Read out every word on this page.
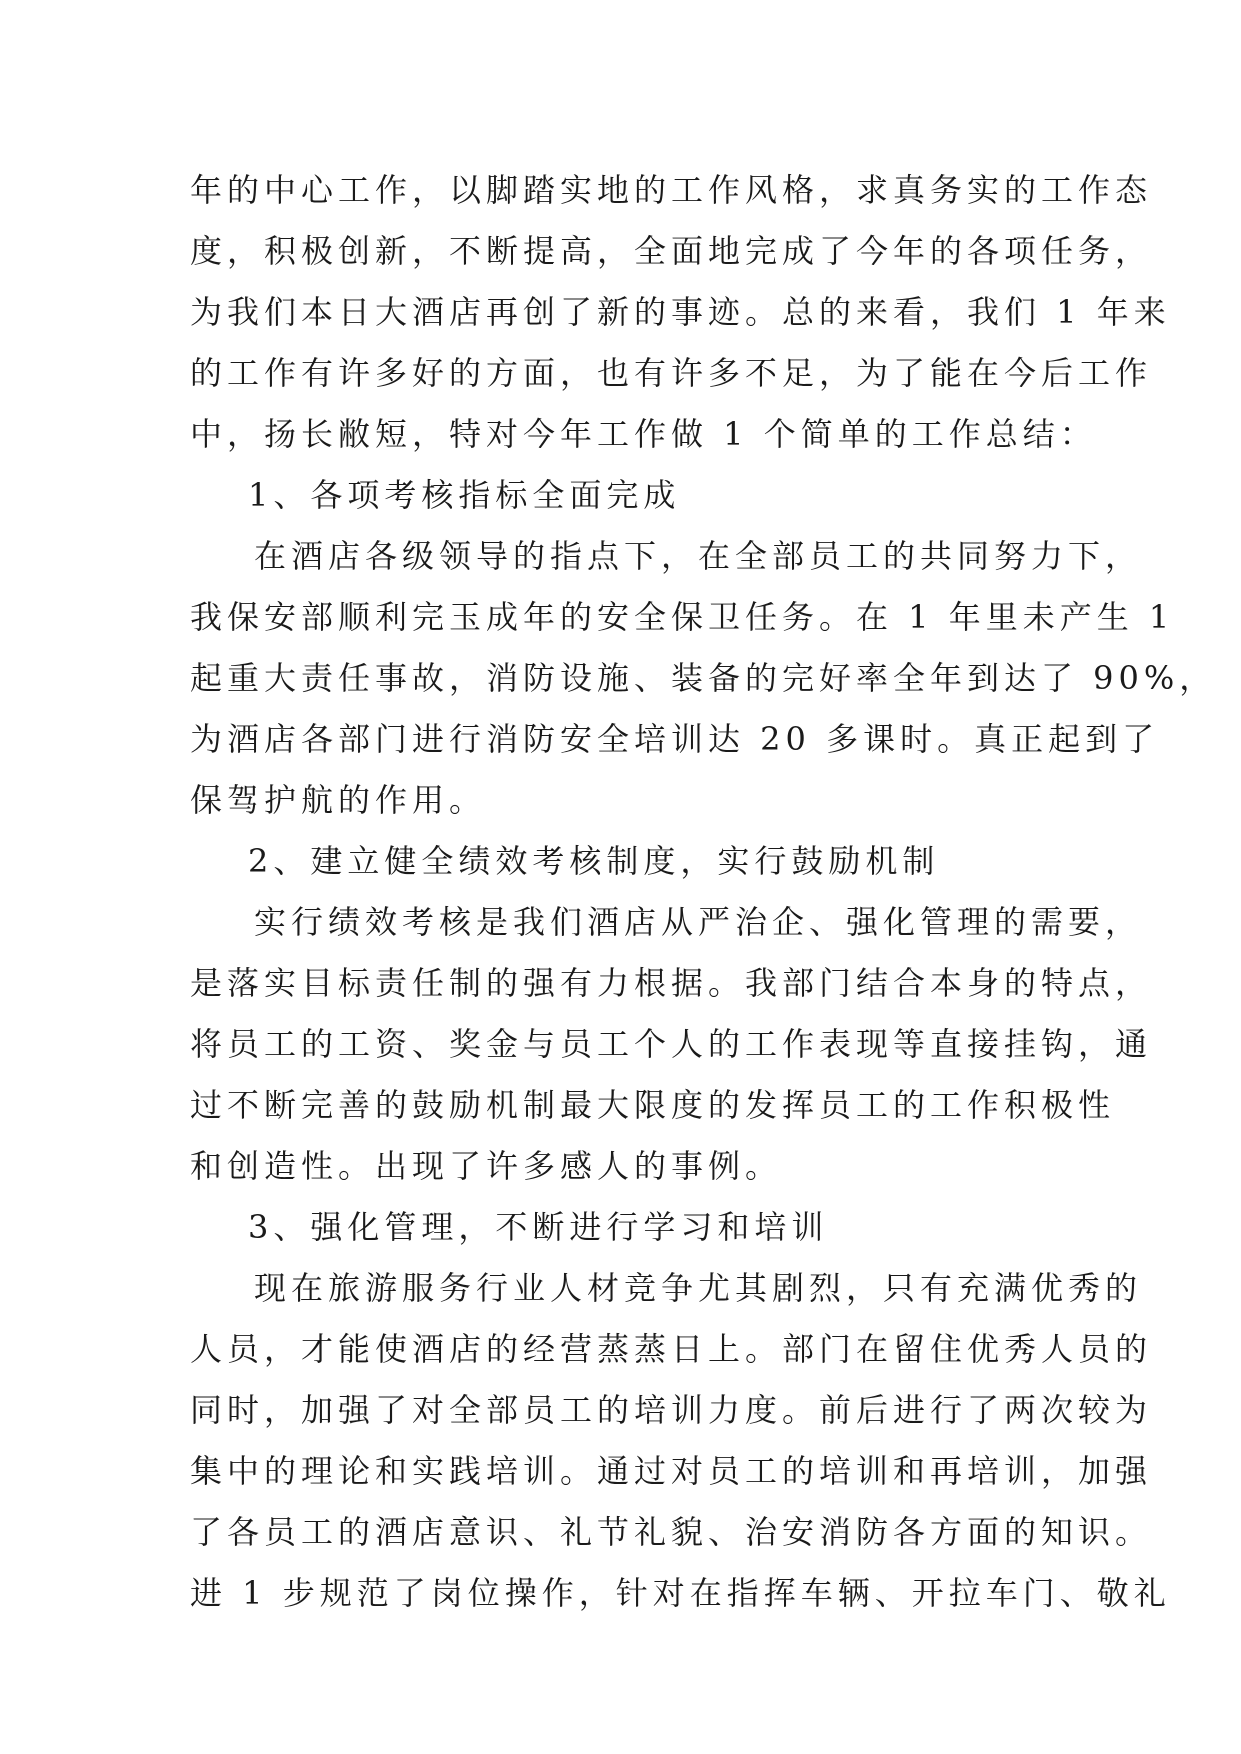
年的中心工作，以脚踏实地的工作风格，求真务实的工作态
度，积极创新，不断提高，全面地完成了今年的各项任务，
为我们本日大酒店再创了新的事迹。总的来看，我们 1 年来
的工作有许多好的方面，也有许多不足，为了能在今后工作
中，扬长敝短，特对今年工作做 1 个简单的工作总结：
1、各项考核指标全面完成
在酒店各级领导的指点下，在全部员工的共同努力下，
我保安部顺利完玉成年的安全保卫任务。在 1 年里未产生 1
起重大责任事故，消防设施、装备的完好率全年到达了 90%，
为酒店各部门进行消防安全培训达 20 多课时。真正起到了
保驾护航的作用。
2、建立健全绩效考核制度，实行鼓励机制
实行绩效考核是我们酒店从严治企、强化管理的需要，
是落实目标责任制的强有力根据。我部门结合本身的特点，
将员工的工资、奖金与员工个人的工作表现等直接挂钩，通
过不断完善的鼓励机制最大限度的发挥员工的工作积极性
和创造性。出现了许多感人的事例。
3、强化管理，不断进行学习和培训
现在旅游服务行业人材竞争尤其剧烈，只有充满优秀的
人员，才能使酒店的经营蒸蒸日上。部门在留住优秀人员的
同时，加强了对全部员工的培训力度。前后进行了两次较为
集中的理论和实践培训。通过对员工的培训和再培训，加强
了各员工的酒店意识、礼节礼貌、治安消防各方面的知识。
进 1 步规范了岗位操作，针对在指挥车辆、开拉车门、敬礼
